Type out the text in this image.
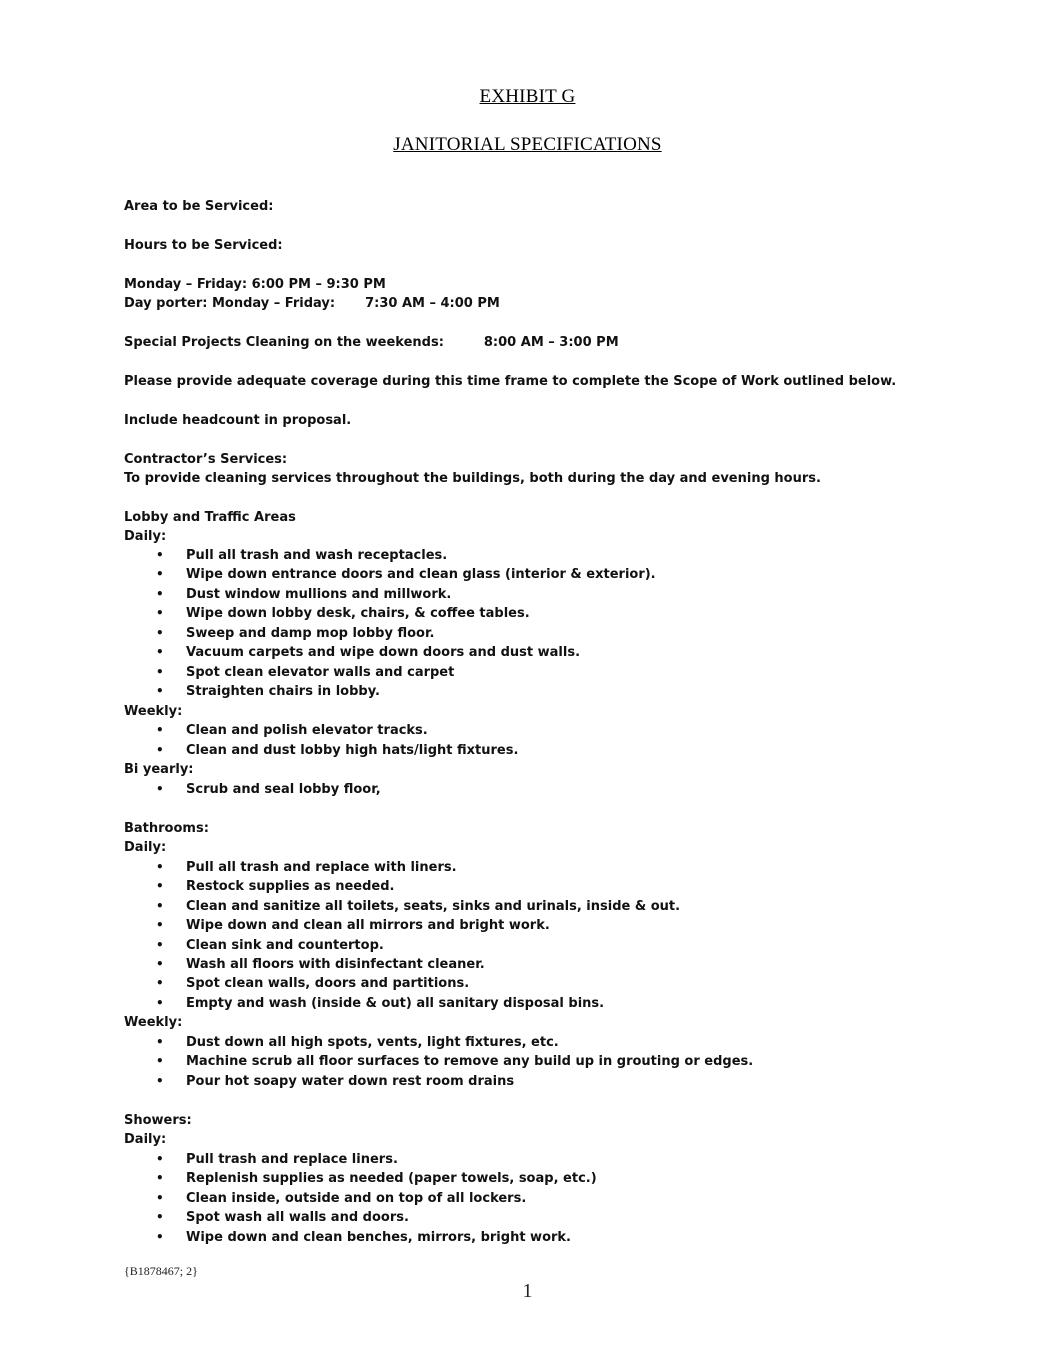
EXHIBIT G
JANITORIAL SPECIFICATIONS
Area to be Serviced:
Hours to be Serviced:
Monday – Friday: 6:00 PM – 9:30 PM
Day porter: Monday – Friday: 7:30 AM – 4:00 PM
Special Projects Cleaning on the weekends:	8:00 AM – 3:00 PM
Please provide adequate coverage during this time frame to complete the Scope of Work outlined below.
Include headcount in proposal.
Contractor’s Services:
To provide cleaning services throughout the buildings, both during the day and evening hours.
Lobby and Traffic Areas
Daily:
• Pull all trash and wash receptacles.
• Wipe down entrance doors and clean glass (interior & exterior).
• Dust window mullions and millwork.
• Wipe down lobby desk, chairs, & coffee tables.
• Sweep and damp mop lobby floor.
• Vacuum carpets and wipe down doors and dust walls.
• Spot clean elevator walls and carpet
• Straighten chairs in lobby.
Weekly:
• Clean and polish elevator tracks.
• Clean and dust lobby high hats/light fixtures.
Bi yearly:
• Scrub and seal lobby floor,
Bathrooms:
Daily:
• Pull all trash and replace with liners.
• Restock supplies as needed.
• Clean and sanitize all toilets, seats, sinks and urinals, inside & out.
• Wipe down and clean all mirrors and bright work.
• Clean sink and countertop.
• Wash all floors with disinfectant cleaner.
• Spot clean walls, doors and partitions.
• Empty and wash (inside & out) all sanitary disposal bins.
Weekly:
• Dust down all high spots, vents, light fixtures, etc.
• Machine scrub all floor surfaces to remove any build up in grouting or edges.
• Pour hot soapy water down rest room drains
Showers:
Daily:
• Pull trash and replace liners.
• Replenish supplies as needed (paper towels, soap, etc.)
• Clean inside, outside and on top of all lockers.
• Spot wash all walls and doors.
• Wipe down and clean benches, mirrors, bright work.
{B1878467; 2}
1
